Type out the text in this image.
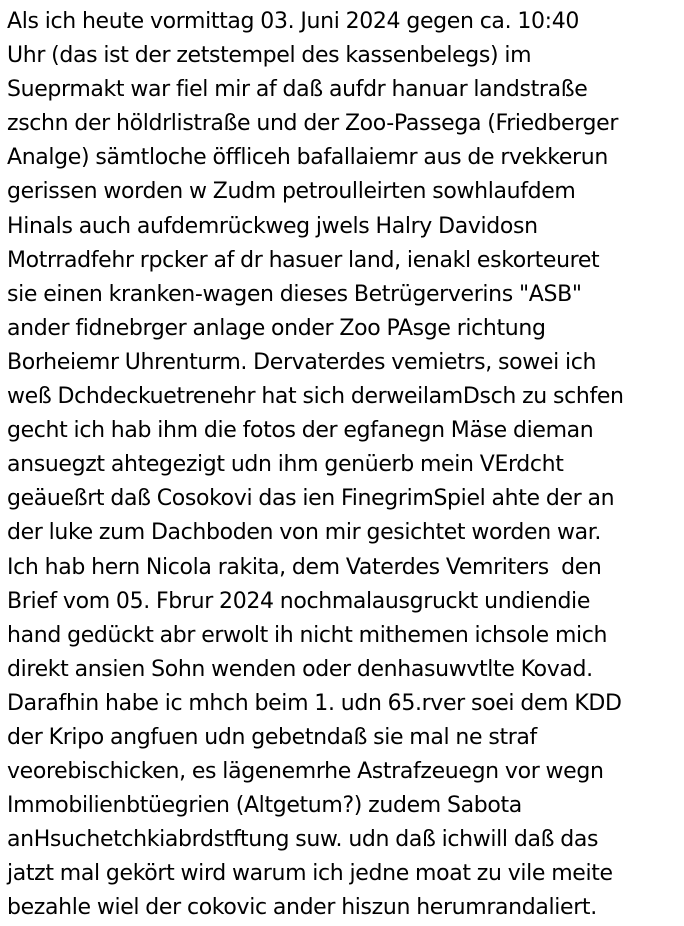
Als ich heute vormittag 03. Juni 2024 gegen ca. 10:40
Uhr (das ist der zetstempel des kassenbelegs) im
Sueprmakt war fiel mir af daß aufdr hanuar landstraße
zschn der höldrlistraße und der Zoo-Passega (Friedberger
Analge) sämtloche öffliceh bafallaiemr aus de rvekkerun
gerissen worden w Zudm petroulleirten sowhlaufdem
Hinals auch aufdemrückweg jwels Halry Davidosn
Motrradfehr rpcker af dr hasuer land, ienakl eskorteuret
sie einen kranken-wagen dieses Betrügerverins "ASB"
ander fidnebrger anlage onder Zoo PAsge richtung
Borheiemr Uhrenturm. Dervaterdes vemietrs, sowei ich
weß Dchdeckuetrenehr hat sich derweilamDsch zu schfen
gecht ich hab ihm die fotos der egfanegn Mäse dieman
ansuegzt ahtegezigt udn ihm genüerb mein VErdcht
geäueßrt daß Cosokovi das ien FinegrimSpiel ahte der an
der luke zum Dachboden von mir gesichtet worden war.
Ich hab hern Nicola rakita, dem Vaterdes Vemriters  den
Brief vom 05. Fbrur 2024 nochmalausgruckt undiendie
hand gedückt abr erwolt ih nicht mithemen ichsole mich
direkt ansien Sohn wenden oder denhasuwvtlte Kovad.
Darafhin habe ic mhch beim 1. udn 65.rver soei dem KDD
der Kripo angfuen udn gebetndaß sie mal ne straf
veorebischicken, es lägenemrhe Astrafzeuegn vor wegn
Immobilienbtüegrien (Altgetum?) zudem Sabota
anHsuchetchkiabrdstftung suw. udn daß ichwill daß das
jatzt mal gekört wird warum ich jedne moat zu vile meite
bezahle wiel der cokovic ander hiszun herumrandaliert.
